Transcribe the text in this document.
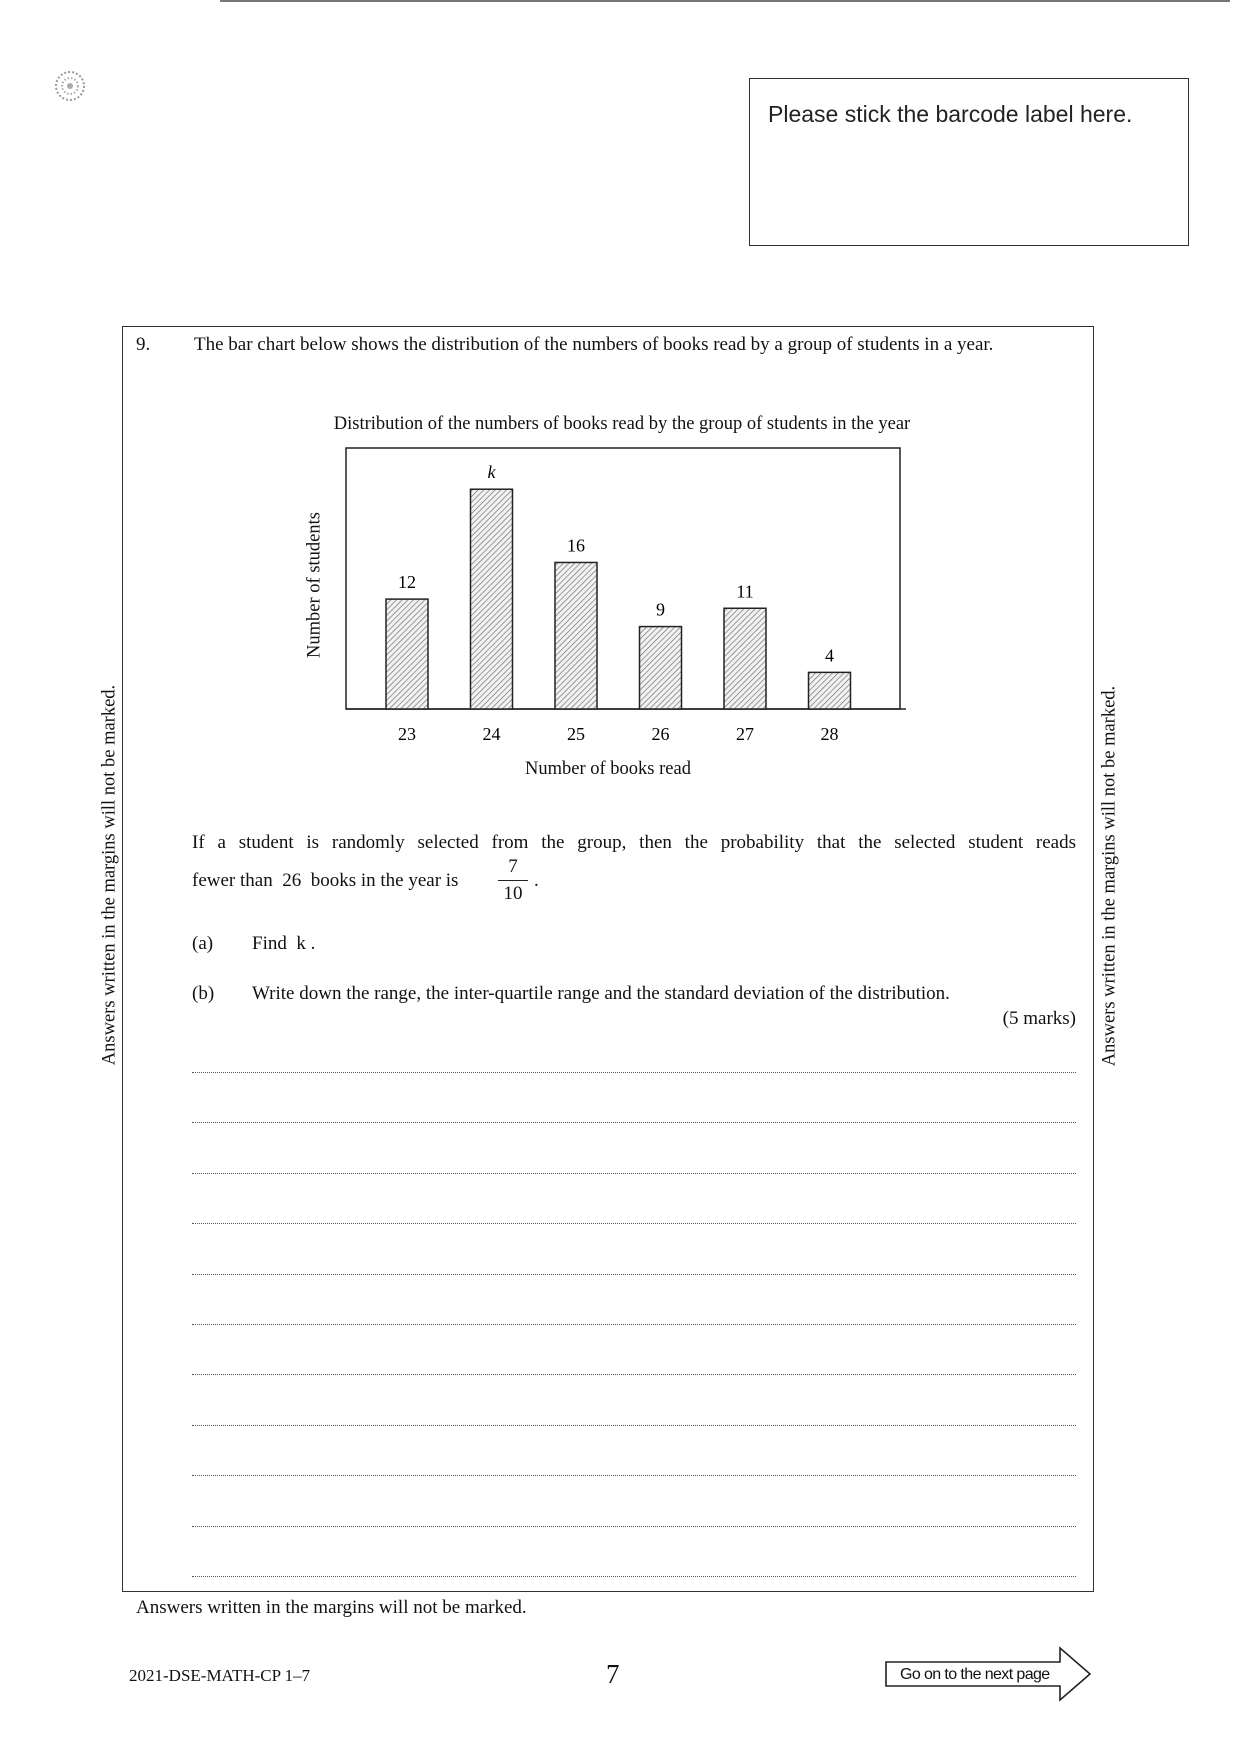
Please stick the barcode label here.
9. The bar chart below shows the distribution of the numbers of books read by a group of students in a year.
Distribution of the numbers of books read by the group of students in the year
12
k
16
9
11
4
23	24	25	26	27	28
Number of students
Number of books read
If a student is randomly selected from the group, then the probability that the selected student reads
fewer than  26  books in the year is
7
10
.
(a) Find  k .
(b) Write down the range, the inter-quartile range and the standard deviation of the distribution.
(5 marks)
Answers written in the margins will not be marked.	Answers written in the margins will not be marked.
Answers written in the margins will not be marked.
2021-DSE-MATH-CP 1–7	7	Go on to the next page
